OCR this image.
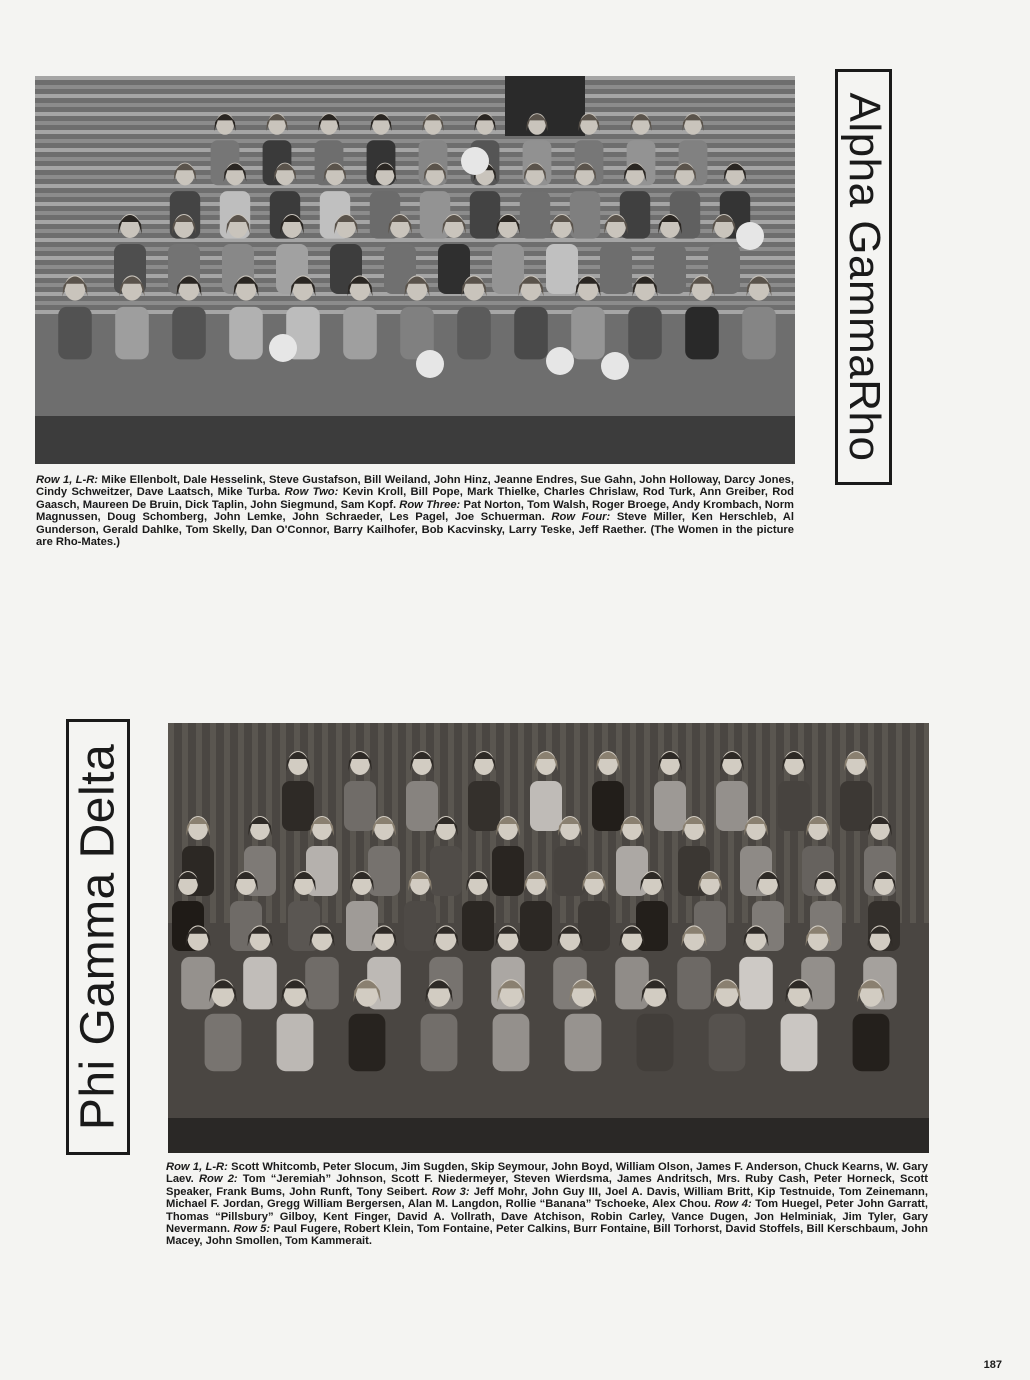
Alpha GammaRho
Row 1, L-R: Mike Ellenbolt, Dale Hesselink, Steve Gustafson, Bill Weiland, John Hinz, Jeanne Endres, Sue Gahn, John Holloway, Darcy Jones, Cindy Schweitzer, Dave Laatsch, Mike Turba. Row Two: Kevin Kroll, Bill Pope, Mark Thielke, Charles Chrislaw, Rod Turk, Ann Greiber, Rod Gaasch, Maureen De Bruin, Dick Taplin, John Siegmund, Sam Kopf. Row Three: Pat Norton, Tom Walsh, Roger Broege, Andy Krombach, Norm Magnussen, Doug Schomberg, John Lemke, John Schraeder, Les Pagel, Joe Schuerman. Row Four: Steve Miller, Ken Herschleb, Al Gunderson, Gerald Dahlke, Tom Skelly, Dan O'Connor, Barry Kailhofer, Bob Kacvinsky, Larry Teske, Jeff Raether. (The Women in the picture are Rho-Mates.)
Phi Gamma Delta
Row 1, L-R: Scott Whitcomb, Peter Slocum, Jim Sugden, Skip Seymour, John Boyd, William Olson, James F. Anderson, Chuck Kearns, W. Gary Laev. Row 2: Tom “Jeremiah” Johnson, Scott F. Niedermeyer, Steven Wierdsma, James Andritsch, Mrs. Ruby Cash, Peter Horneck, Scott Speaker, Frank Bums, John Runft, Tony Seibert. Row 3: Jeff Mohr, John Guy III, Joel A. Davis, William Britt, Kip Testnuide, Tom Zeinemann, Michael F. Jordan, Gregg William Bergersen, Alan M. Langdon, Rollie “Banana” Tschoeke, Alex Chou. Row 4: Tom Huegel, Peter John Garratt, Thomas “Pillsbury” Gilboy, Kent Finger, David A. Vollrath, Dave Atchison, Robin Carley, Vance Dugen, Jon Helminiak, Jim Tyler, Gary Nevermann. Row 5: Paul Fugere, Robert Klein, Tom Fontaine, Peter Calkins, Burr Fontaine, Bill Torhorst, David Stoffels, Bill Kerschbaum, John Macey, John Smollen, Tom Kammerait.
187
